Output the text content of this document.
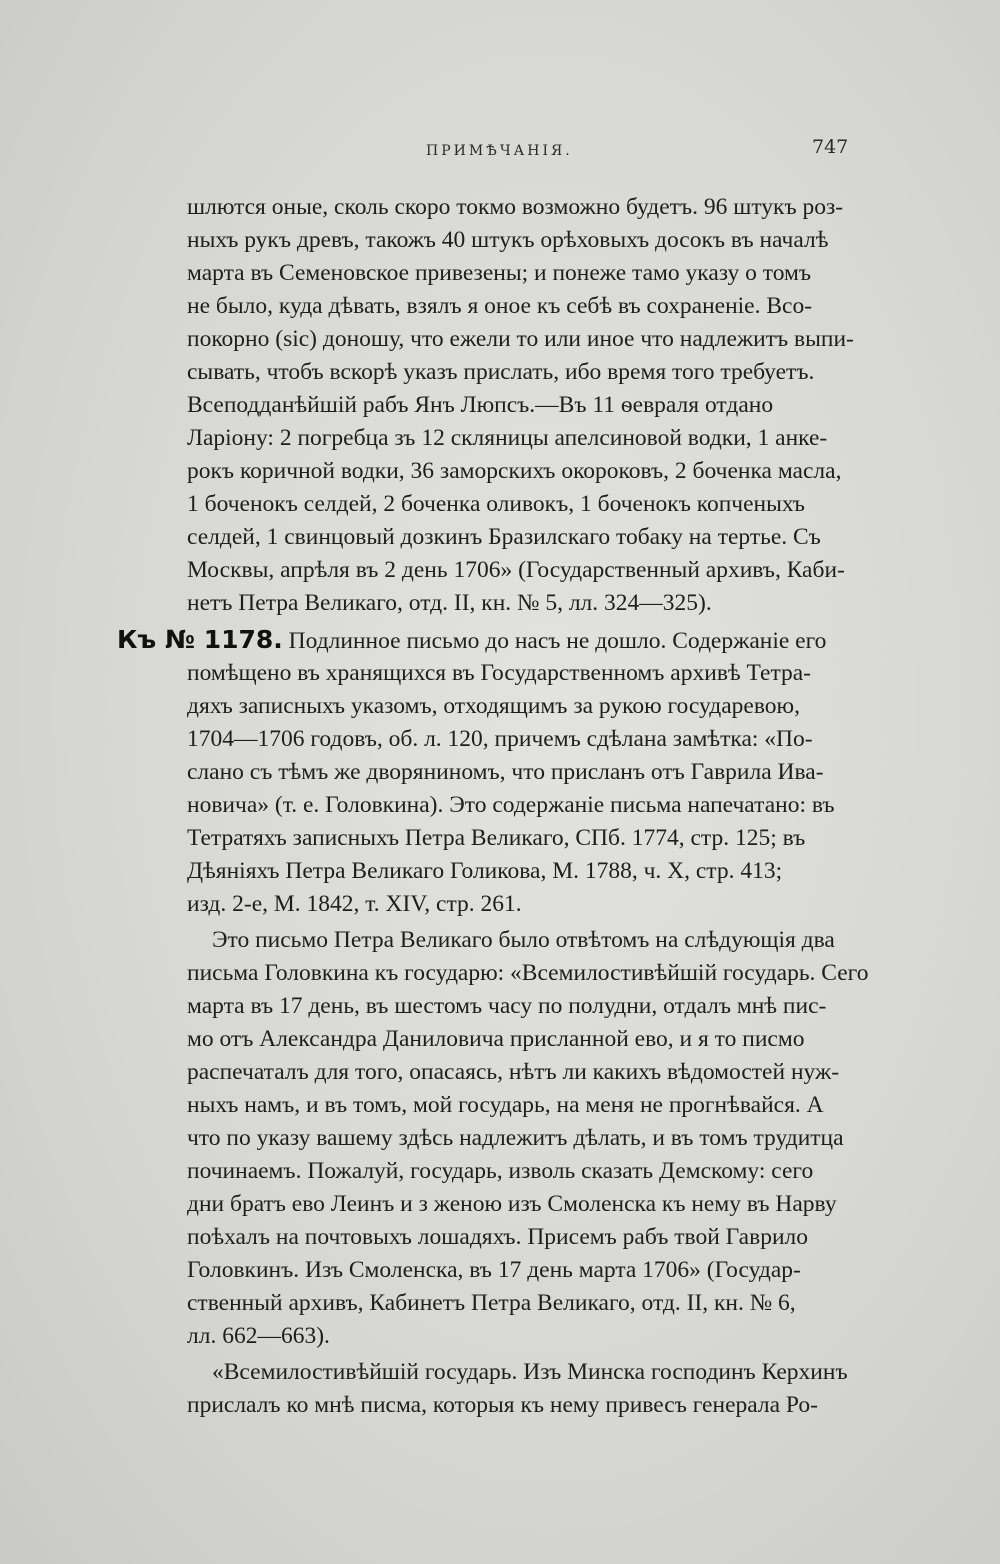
ПРИМѢЧАНІЯ.	747
шлются оные, сколь скоро токмо возможно будетъ. 96 штукъ роз-
ныхъ рукъ древъ, такожъ 40 штукъ орѣховыхъ досокъ въ началѣ
марта въ Семеновское привезены; и понеже тамо указу о томъ
не было, куда дѣвать, взялъ я оное къ себѣ въ сохраненіе. Всо-
покорно (sic) доношу, что ежели то или иное что надлежитъ выпи-
сывать, чтобъ вскорѣ указъ прислать, ибо время того требуетъ.
Всеподданѣйшій рабъ Янъ Люпсъ.—Въ 11 ѳевраля отдано
Ларіону: 2 погребца зъ 12 скляницы апелсиновой водки, 1 анке-
рокъ коричной водки, 36 заморскихъ окороковъ, 2 боченка масла,
1 боченокъ селдей, 2 боченка оливокъ, 1 боченокъ копченыхъ
селдей, 1 свинцовый дозкинъ Бразилскаго тобаку на тертье. Съ
Москвы, апрѣля въ 2 день 1706» (Государственный архивъ, Каби-
нетъ Петра Великаго, отд. II, кн. № 5, лл. 324—325).
Къ № 1178. Подлинное письмо до насъ не дошло. Содержаніе его
помѣщено въ хранящихся въ Государственномъ архивѣ Тетра-
дяхъ записныхъ указомъ, отходящимъ за рукою государевою,
1704—1706 годовъ, об. л. 120, причемъ сдѣлана замѣтка: «По-
слано съ тѣмъ же дворяниномъ, что присланъ отъ Гаврила Ива-
новича» (т. е. Головкина). Это содержаніе письма напечатано: въ
Тетратяхъ записныхъ Петра Великаго, СПб. 1774, стр. 125; въ
Дѣяніяхъ Петра Великаго Голикова, М. 1788, ч. X, стр. 413;
изд. 2-е, М. 1842, т. XIV, стр. 261.
Это письмо Петра Великаго было отвѣтомъ на слѣдующія два
письма Головкина къ государю: «Всемилостивѣйшій государь. Сего
марта въ 17 день, въ шестомъ часу по полудни, отдалъ мнѣ пис-
мо отъ Александра Даниловича присланной ево, и я то писмо
распечаталъ для того, опасаясь, нѣтъ ли какихъ вѣдомостей нуж-
ныхъ намъ, и въ томъ, мой государь, на меня не прогнѣвайся. А
что по указу вашему здѣсь надлежитъ дѣлать, и въ томъ трудитца
починаемъ. Пожалуй, государь, изволь сказать Демскому: сего
дни братъ ево Леинъ и з женою изъ Смоленска къ нему въ Нарву
поѣхалъ на почтовыхъ лошадяхъ. Присемъ рабъ твой Гаврило
Головкинъ. Изъ Смоленска, въ 17 день марта 1706» (Государ-
ственный архивъ, Кабинетъ Петра Великаго, отд. II, кн. № 6,
лл. 662—663).
«Всемилостивѣйшій государь. Изъ Минска господинъ Керхинъ
прислалъ ко мнѣ писма, которыя къ нему привесъ генерала Ро-
